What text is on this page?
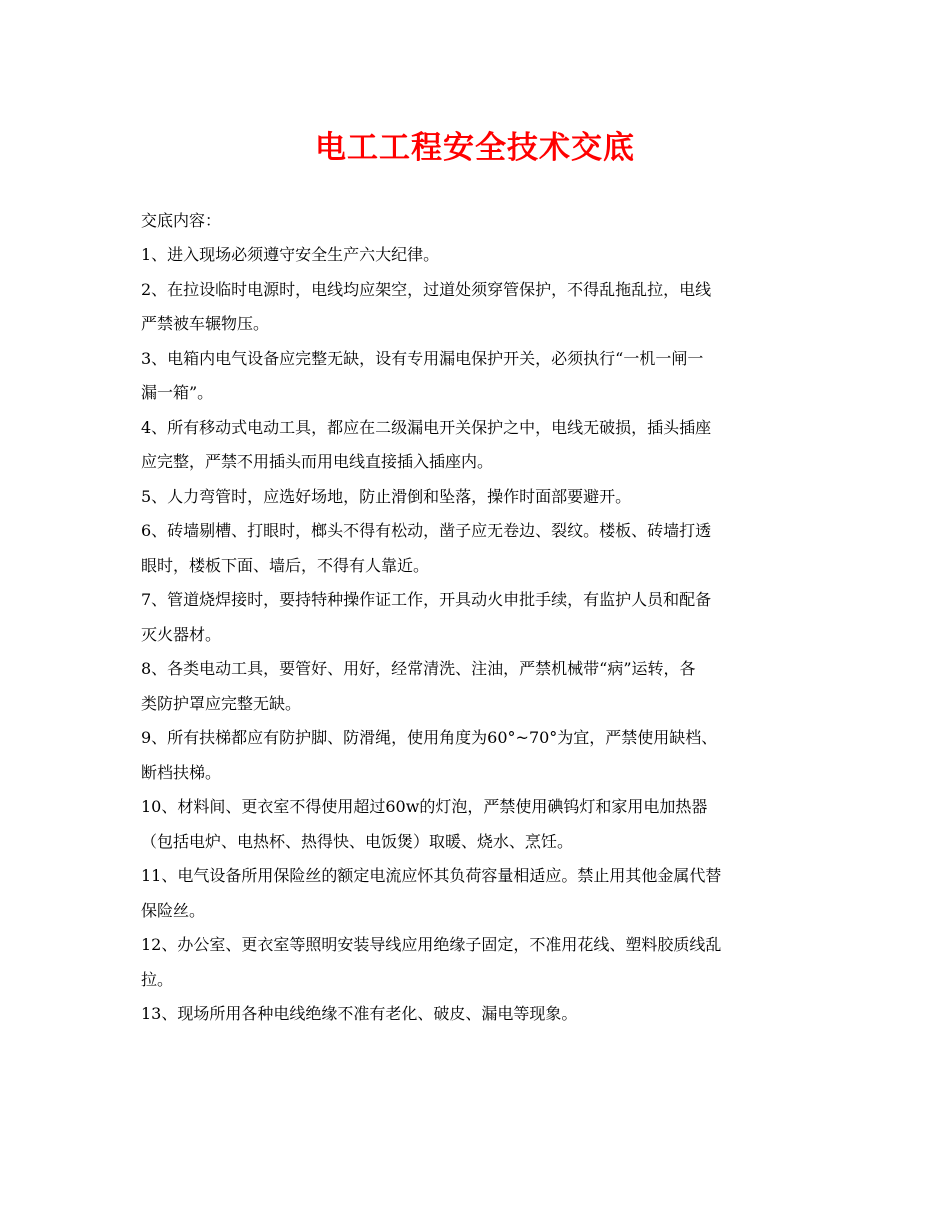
电工工程安全技术交底

交底内容：

1、进入现场必须遵守安全生产六大纪律。

2、在拉设临时电源时，电线均应架空，过道处须穿管保护，不得乱拖乱拉，电线
严禁被车辗物压。

3、电箱内电气设备应完整无缺，设有专用漏电保护开关，必须执行“一机一闸一
漏一箱”。

4、所有移动式电动工具，都应在二级漏电开关保护之中，电线无破损，插头插座
应完整，严禁不用插头而用电线直接插入插座内。

5、人力弯管时，应选好场地，防止滑倒和坠落，操作时面部要避开。

6、砖墙剔槽、打眼时，榔头不得有松动，凿子应无卷边、裂纹。楼板、砖墙打透
眼时，楼板下面、墙后，不得有人靠近。

7、管道烧焊接时，要持特种操作证工作，开具动火申批手续，有监护人员和配备
灭火器材。

8、各类电动工具，要管好、用好，经常清洗、注油，严禁机械带“病”运转，各
类防护罩应完整无缺。

9、所有扶梯都应有防护脚、防滑绳，使用角度为60°~70°为宜，严禁使用缺档、
断档扶梯。

10、材料间、更衣室不得使用超过60w的灯泡，严禁使用碘钨灯和家用电加热器
（包括电炉、电热杯、热得快、电饭煲）取暖、烧水、烹饪。

11、电气设备所用保险丝的额定电流应怀其负荷容量相适应。禁止用其他金属代替
保险丝。

12、办公室、更衣室等照明安装导线应用绝缘子固定，不准用花线、塑料胶质线乱
拉。

13、现场所用各种电线绝缘不准有老化、破皮、漏电等现象。
